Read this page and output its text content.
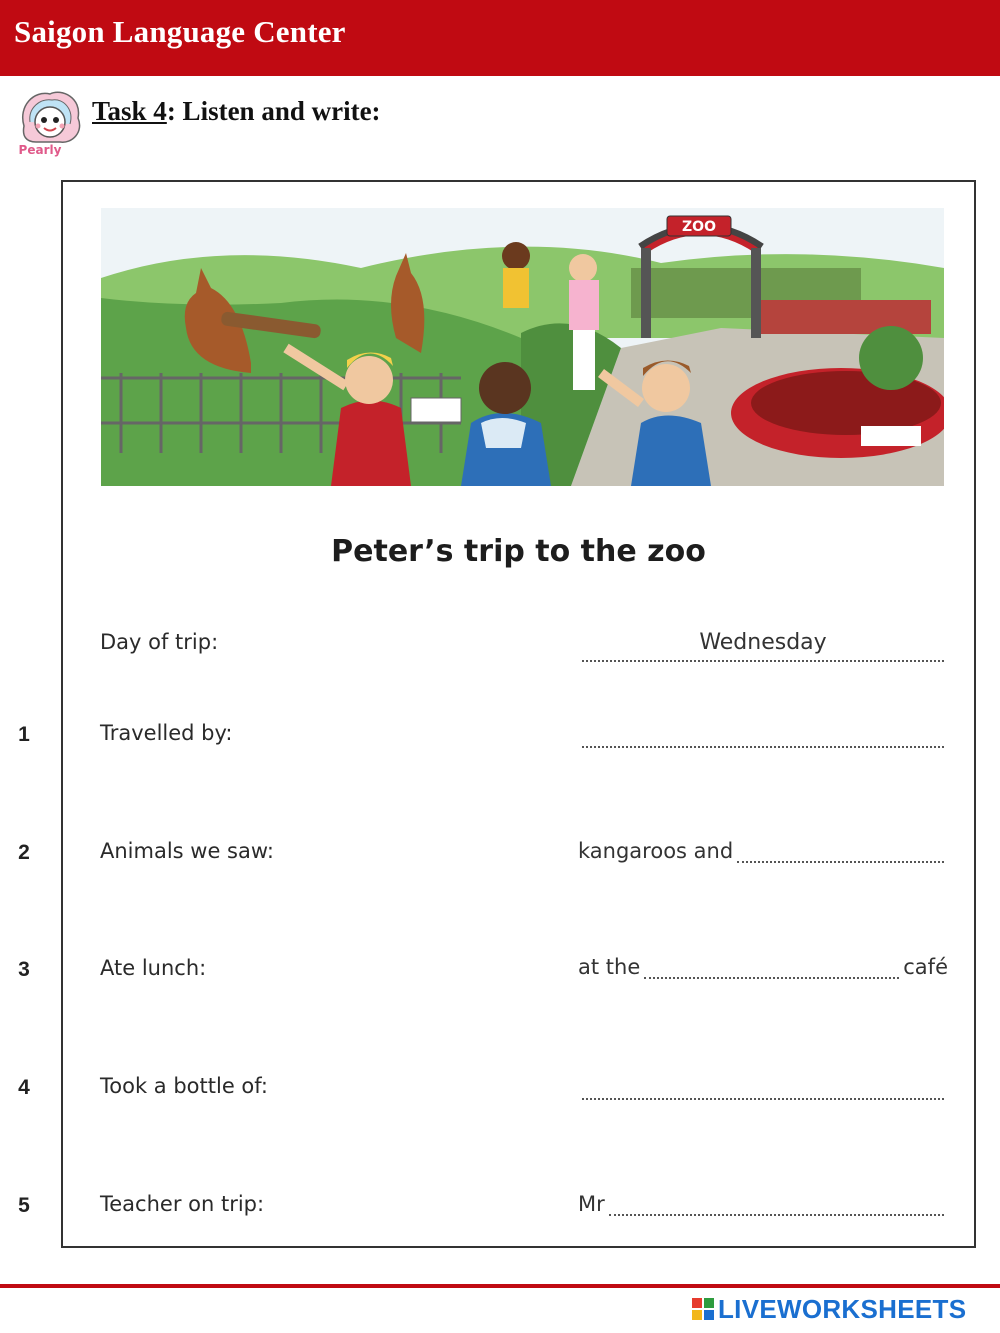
Saigon Language Center
Pearly
Task 4: Listen and write:
ZOO
Peter’s trip to the zoo
Day of trip:	Wednesday
1	Travelled by:
2	Animals we saw:	kangaroos and
3	Ate lunch:	at the	café
4	Took a bottle of:
5	Teacher on trip:	Mr
LIVEWORKSHEETS
